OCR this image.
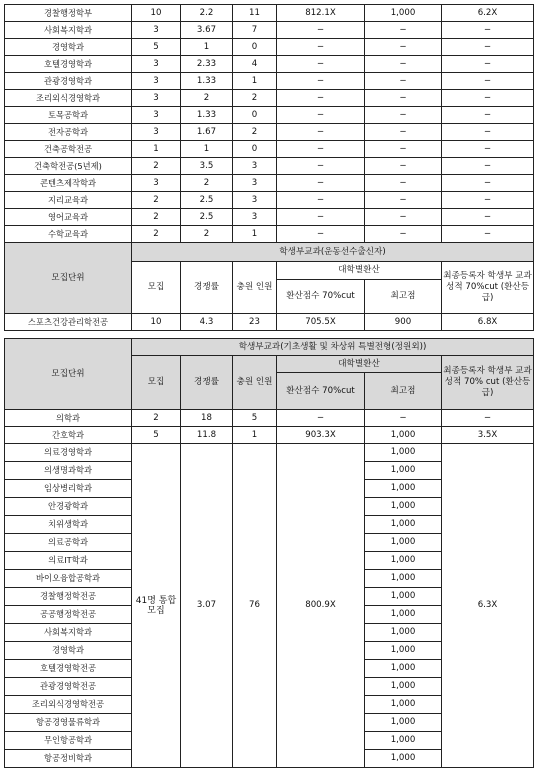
경찰행정학부	10	2.2	11	812.1X	1,000	6.2X
사회복지학과	3	3.67	7	−	−	−
경영학과	5	1	0	−	−	−
호텔경영학과	3	2.33	4	−	−	−
관광경영학과	3	1.33	1	−	−	−
조리외식경영학과	3	2	2	−	−	−
토목공학과	3	1.33	0	−	−	−
전자공학과	3	1.67	2	−	−	−
건축공학전공	1	1	0	−	−	−
건축학전공(5년제)	2	3.5	3	−	−	−
콘텐츠제작학과	3	2	3	−	−	−
지리교육과	2	2.5	3	−	−	−
영어교육과	2	2.5	3	−	−	−
수학교육과	2	2	1	−	−	−
모집단위	학생부교과(운동선수출신자)					
	모집	경쟁률	충원 인원	대학별환산		최종등록자 학생부 교과성적 70%cut (환산등급)
				환산점수 70%cut	최고점	
스포츠건강관리학전공	10	4.3	23	705.5X	900	6.8X
모집단위	학생부교과(기초생활 및 차상위 특별전형(정원외))					
	모집	경쟁률	충원 인원	대학별환산		최종등록자 학생부 교과성적 70% cut (환산등급)
				환산점수 70%cut	최고점	
의학과	2	18	5	−	−	−
간호학과	5	11.8	1	903.3X	1,000	3.5X
의료경영학과	41명 통합 모집	3.07	76	800.9X	1,000	6.3X
의생명과학과					1,000	
임상병리학과					1,000	
안경광학과					1,000	
치위생학과					1,000	
의료공학과					1,000	
의료IT학과					1,000	
바이오융합공학과					1,000	
경찰행정학전공					1,000	
공공행정학전공					1,000	
사회복지학과					1,000	
경영학과					1,000	
호텔경영학전공					1,000	
관광경영학전공					1,000	
조리외식경영학전공					1,000	
항공경영물류학과					1,000	
무인항공학과					1,000	
항공정비학과					1,000	
